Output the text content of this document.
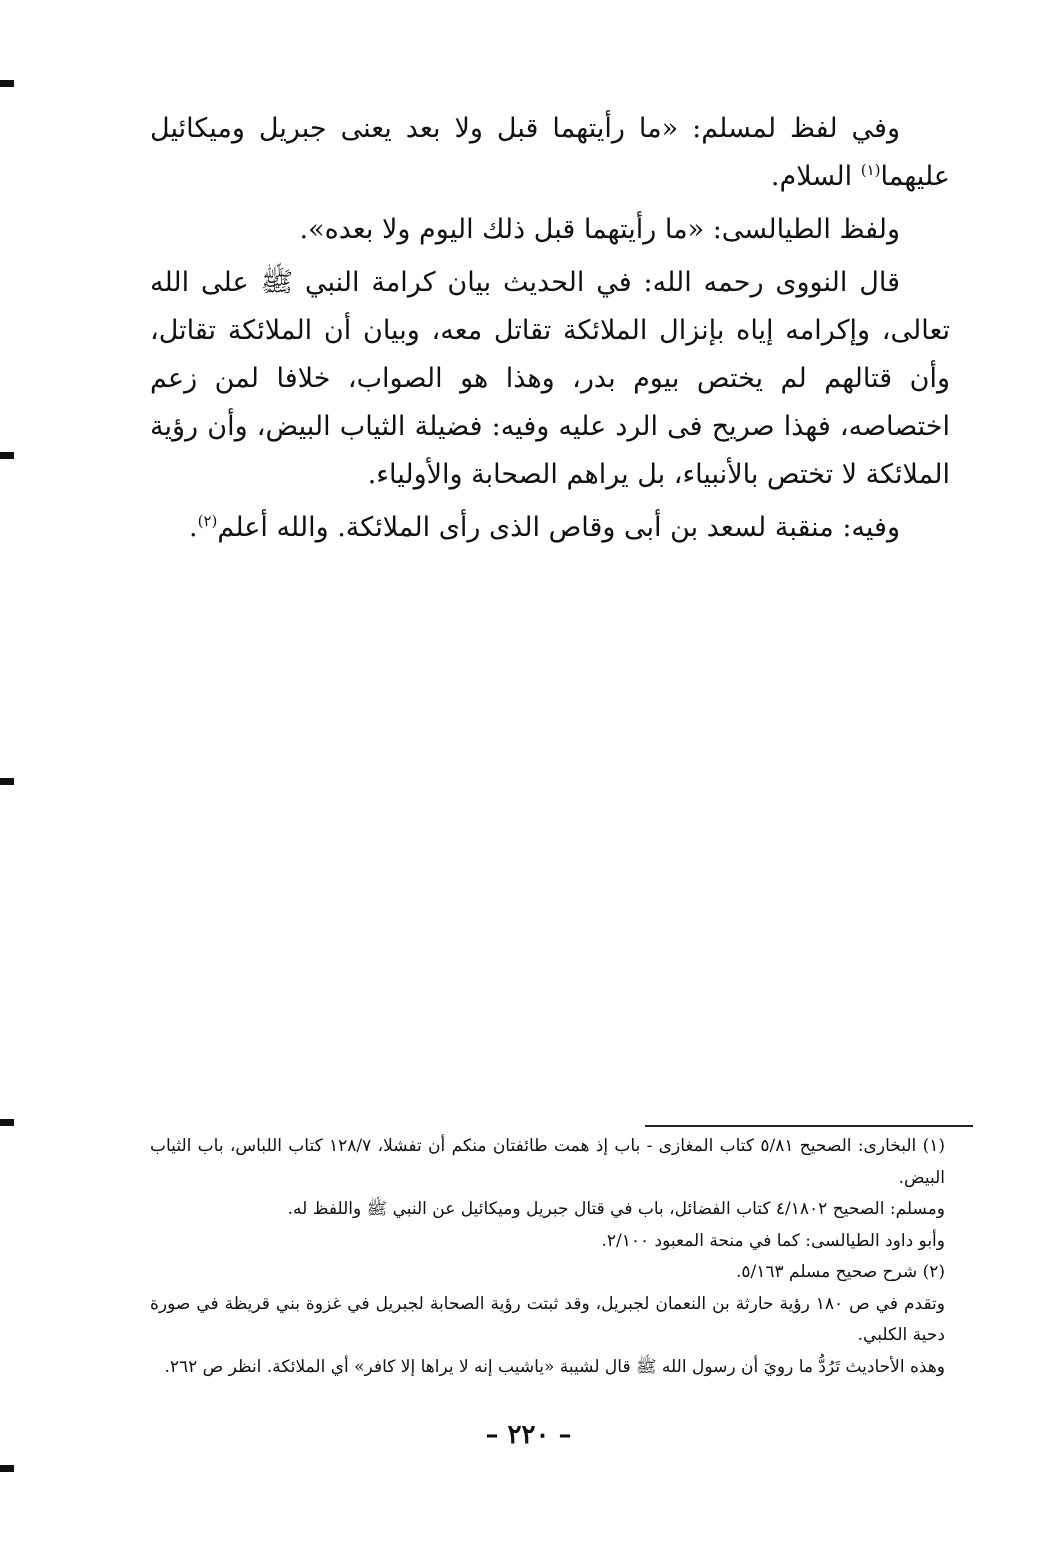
وفي لفظ لمسلم: «ما رأيتهما قبل ولا بعد يعنى جبريل وميكائيل عليهما$^{(١)}$ السلام.

ولفظ الطيالسى: «ما رأيتهما قبل ذلك اليوم ولا بعده».

قال النووى رحمه الله: في الحديث بيان كرامة النبي ﷺ على الله تعالى، وإكرامه إياه بإنزال الملائكة تقاتل معه، وبيان أن الملائكة تقاتل، وأن قتالهم لم يختص بيوم بدر، وهذا هو الصواب، خلافا لمن زعم اختصاصه، فهذا صريح فى الرد عليه وفيه: فضيلة الثياب البيض، وأن رؤية الملائكة لا تختص بالأنبياء، بل يراهم الصحابة والأولياء.

وفيه: منقبة لسعد بن أبى وقاص الذى رأى الملائكة. والله أعلم$^{(٢)}$.

(١) البخارى: الصحيح ٥/٨١ كتاب المغازى - باب إذ همت طائفتان منكم أن تفشلا، ١٢٨/٧ كتاب اللباس، باب الثياب البيض.

ومسلم: الصحيح ٤/١٨٠٢ كتاب الفضائل، باب في قتال جبريل وميكائيل عن النبي ﷺ واللفظ له.

وأبو داود الطيالسى: كما في منحة المعبود ٢/١٠٠.

(٢) شرح صحيح مسلم ٥/١٦٣.

وتقدم في ص ١٨٠ رؤية حارثة بن النعمان لجبريل، وقد ثبتت رؤية الصحابة لجبريل في غزوة بني قريظة في صورة دحية الكلبي.

وهذه الأحاديث تَرُدُّ ما رويَ أن رسول الله ﷺ قال لشيبة «ياشيب إنه لا يراها إلا كافر» أي الملائكة. انظر ص ٢٦٢.

– ٢٢٠ –
